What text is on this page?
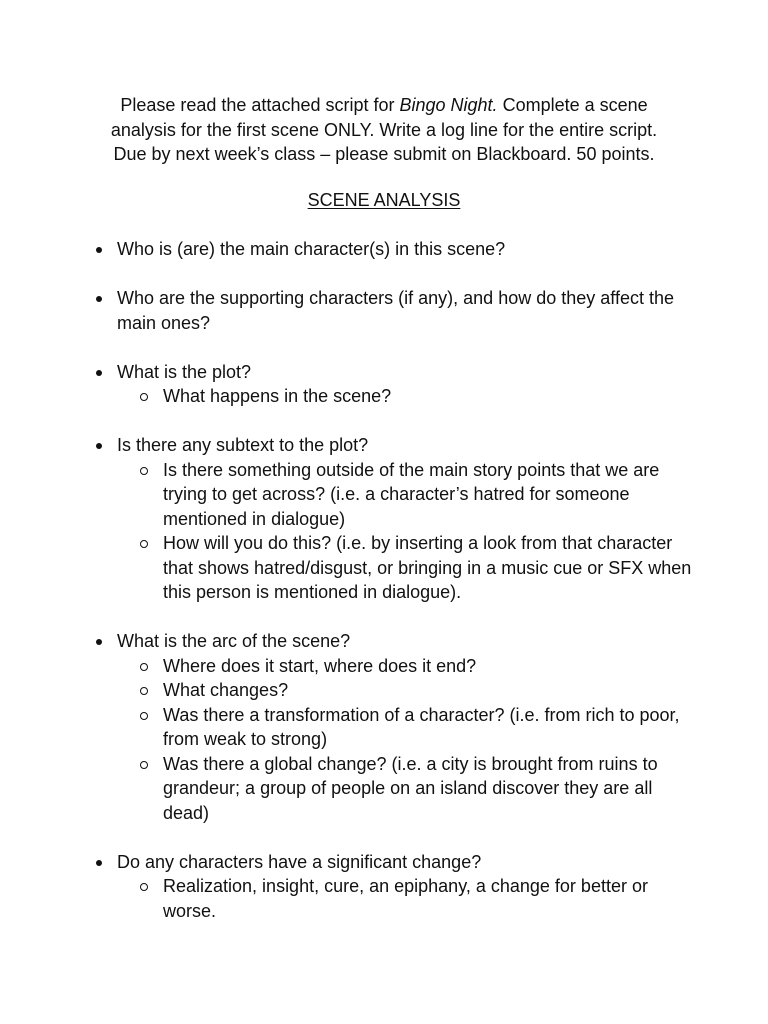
Please read the attached script for Bingo Night. Complete a scene

analysis for the first scene ONLY. Write a log line for the entire script.

Due by next week’s class – please submit on Blackboard. 50 points.

SCENE ANALYSIS
Who is (are) the main character(s) in this scene?
Who are the supporting characters (if any), and how do they affect the main ones?
What is the plot?
What happens in the scene?
Is there any subtext to the plot?
Is there something outside of the main story points that we are trying to get across? (i.e. a character’s hatred for someone mentioned in dialogue)
How will you do this? (i.e. by inserting a look from that character that shows hatred/disgust, or bringing in a music cue or SFX when this person is mentioned in dialogue).
What is the arc of the scene?
Where does it start, where does it end?
What changes?
Was there a transformation of a character? (i.e. from rich to poor, from weak to strong)
Was there a global change? (i.e. a city is brought from ruins to grandeur; a group of people on an island discover they are all dead)
Do any characters have a significant change?
Realization, insight, cure, an epiphany, a change for better or worse.
